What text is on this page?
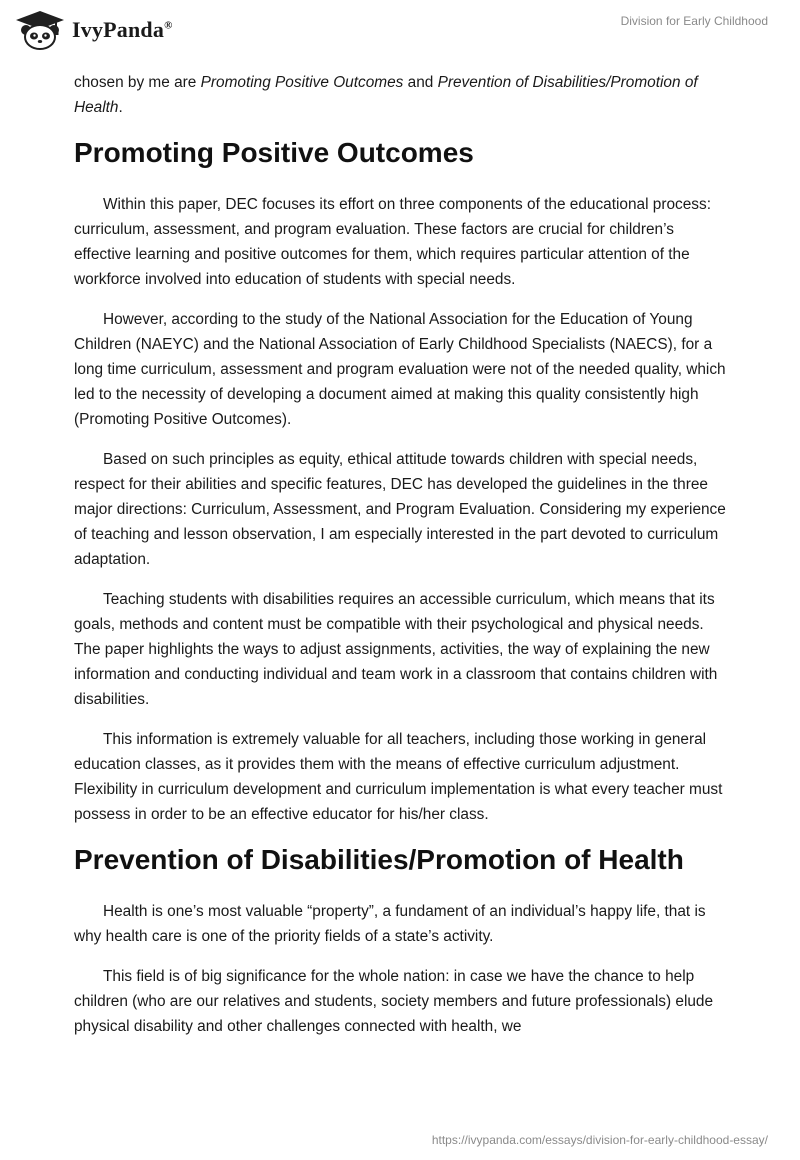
IvyPanda®	Division for Early Childhood

chosen by me are Promoting Positive Outcomes and Prevention of Disabilities/Promotion of Health.

Promoting Positive Outcomes

Within this paper, DEC focuses its effort on three components of the educational process: curriculum, assessment, and program evaluation. These factors are crucial for children’s effective learning and positive outcomes for them, which requires particular attention of the workforce involved into education of students with special needs.

However, according to the study of the National Association for the Education of Young Children (NAEYC) and the National Association of Early Childhood Specialists (NAECS), for a long time curriculum, assessment and program evaluation were not of the needed quality, which led to the necessity of developing a document aimed at making this quality consistently high (Promoting Positive Outcomes).

Based on such principles as equity, ethical attitude towards children with special needs, respect for their abilities and specific features, DEC has developed the guidelines in the three major directions: Curriculum, Assessment, and Program Evaluation. Considering my experience of teaching and lesson observation, I am especially interested in the part devoted to curriculum adaptation.

Teaching students with disabilities requires an accessible curriculum, which means that its goals, methods and content must be compatible with their psychological and physical needs. The paper highlights the ways to adjust assignments, activities, the way of explaining the new information and conducting individual and team work in a classroom that contains children with disabilities.

This information is extremely valuable for all teachers, including those working in general education classes, as it provides them with the means of effective curriculum adjustment. Flexibility in curriculum development and curriculum implementation is what every teacher must possess in order to be an effective educator for his/her class.

Prevention of Disabilities/Promotion of Health

Health is one’s most valuable “property”, a fundament of an individual’s happy life, that is why health care is one of the priority fields of a state’s activity.

This field is of big significance for the whole nation: in case we have the chance to help children (who are our relatives and students, society members and future professionals) elude physical disability and other challenges connected with health, we

https://ivypanda.com/essays/division-for-early-childhood-essay/
